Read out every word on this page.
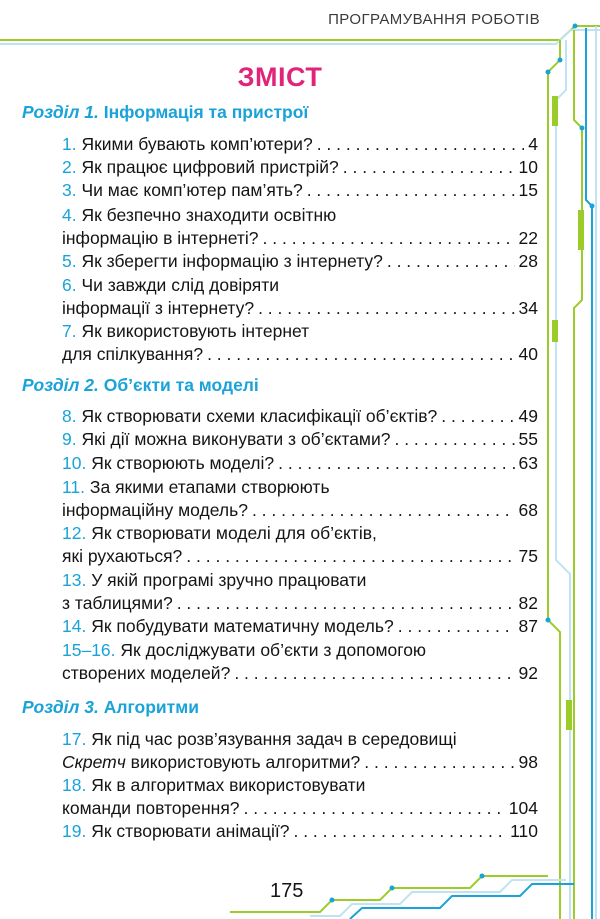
ПРОГРАМУВАННЯ РОБОТІВ
ЗМІСТ
Розділ 1. Інформація та пристрої
1. Якими бувають комп’ютери? . . .	4
2. Як працює цифровий пристрій? . . .	10
3. Чи має комп’ютер пам’ять? . . .	15
4. Як безпечно знаходити освітню
інформацію в інтернеті? . . .	22
5. Як зберегти інформацію з інтернету? . . .	28
6. Чи завжди слід довіряти
інформації з інтернету? . . .	34
7. Як використовують інтернет
для спілкування? . . .	40
Розділ 2. Об’єкти та моделі
8. Як створювати схеми класифікації об’єктів? . . .	49
9. Які дії можна виконувати з об’єктами? . . .	55
10. Як створюють моделі? . . .	63
11. За якими етапами створюють
інформаційну модель? . . .	68
12. Як створювати моделі для об’єктів,
які рухаються? . . .	75
13. У якій програмі зручно працювати
з таблицями? . . .	82
14. Як побудувати математичну модель? . . .	87
15–16. Як досліджувати об’єкти з допомогою
створених моделей? . . .	92
Розділ 3. Алгоритми
17. Як під час розв’язування задач в середовищі
Скретч використовують алгоритми? . . .	98
18. Як в алгоритмах використовувати
команди повторення? . . .	104
19. Як створювати анімації? . . .	110
175
